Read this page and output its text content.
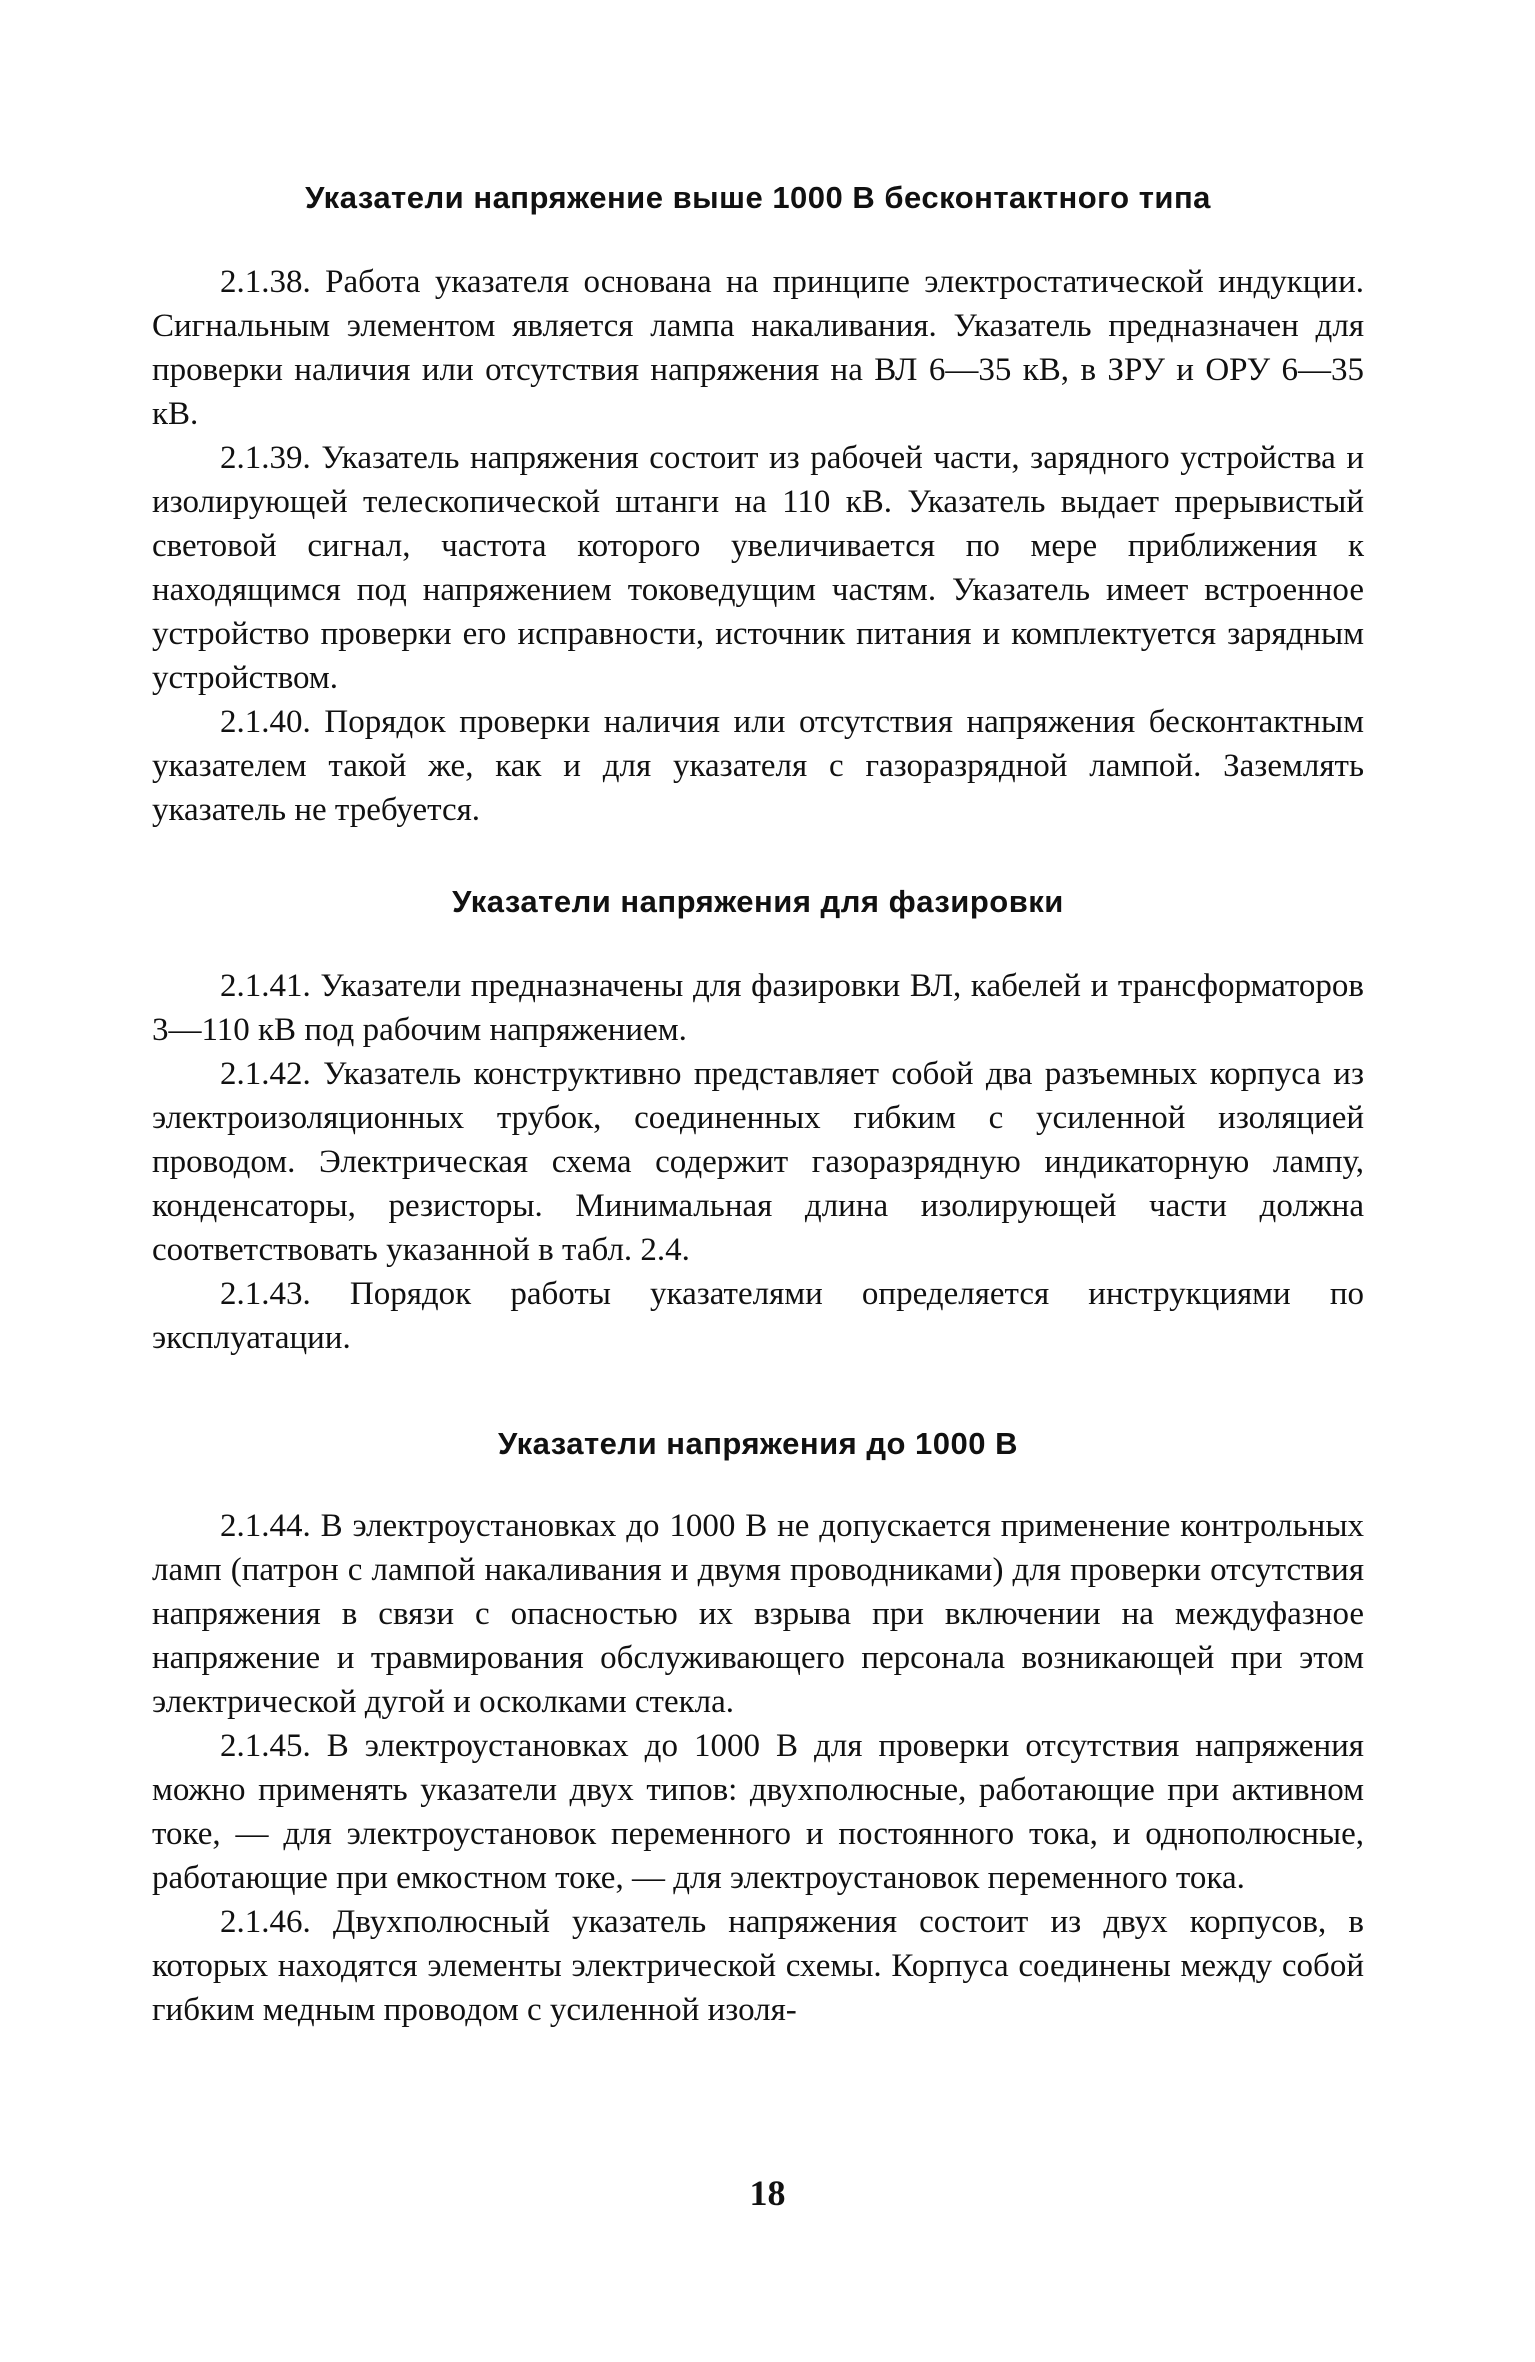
Указатели напряжение выше 1000 В бесконтактного типа

2.1.38. Работа указателя основана на принципе электростатической индукции. Сигнальным элементом является лампа накаливания. Указатель предназначен для проверки наличия или отсутствия напряжения на ВЛ 6—35 кВ, в ЗРУ и ОРУ 6—35 кВ.

2.1.39. Указатель напряжения состоит из рабочей части, зарядного устройства и изолирующей телескопической штанги на 110 кВ. Указатель выдает прерывистый световой сигнал, частота которого увеличивается по мере приближения к находящимся под напряжением токоведущим частям. Указатель имеет встроенное устройство проверки его исправности, источник питания и комплектуется зарядным устройством.

2.1.40. Порядок проверки наличия или отсутствия напряжения бесконтактным указателем такой же, как и для указателя с газоразрядной лампой. Заземлять указатель не требуется.

Указатели напряжения для фазировки

2.1.41. Указатели предназначены для фазировки ВЛ, кабелей и трансформаторов 3—110 кВ под рабочим напряжением.

2.1.42. Указатель конструктивно представляет собой два разъемных корпуса из электроизоляционных трубок, соединенных гибким с усиленной изоляцией проводом. Электрическая схема содержит газоразрядную индикаторную лампу, конденсаторы, резисторы. Минимальная длина изолирующей части должна соответствовать указанной в табл. 2.4.

2.1.43. Порядок работы указателями определяется инструкциями по эксплуатации.

Указатели напряжения до 1000 В

2.1.44. В электроустановках до 1000 В не допускается применение контрольных ламп (патрон с лампой накаливания и двумя проводниками) для проверки отсутствия напряжения в связи с опасностью их взрыва при включении на междуфазное напряжение и травмирования обслуживающего персонала возникающей при этом электрической дугой и осколками стекла.

2.1.45. В электроустановках до 1000 В для проверки отсутствия напряжения можно применять указатели двух типов: двухполюсные, работающие при активном токе, — для электроустановок переменного и постоянного тока, и однополюсные, работающие при емкостном токе, — для электроустановок переменного тока.

2.1.46. Двухполюсный указатель напряжения состоит из двух корпусов, в которых находятся элементы электрической схемы. Корпуса соединены между собой гибким медным проводом с усиленной изоля-

18
